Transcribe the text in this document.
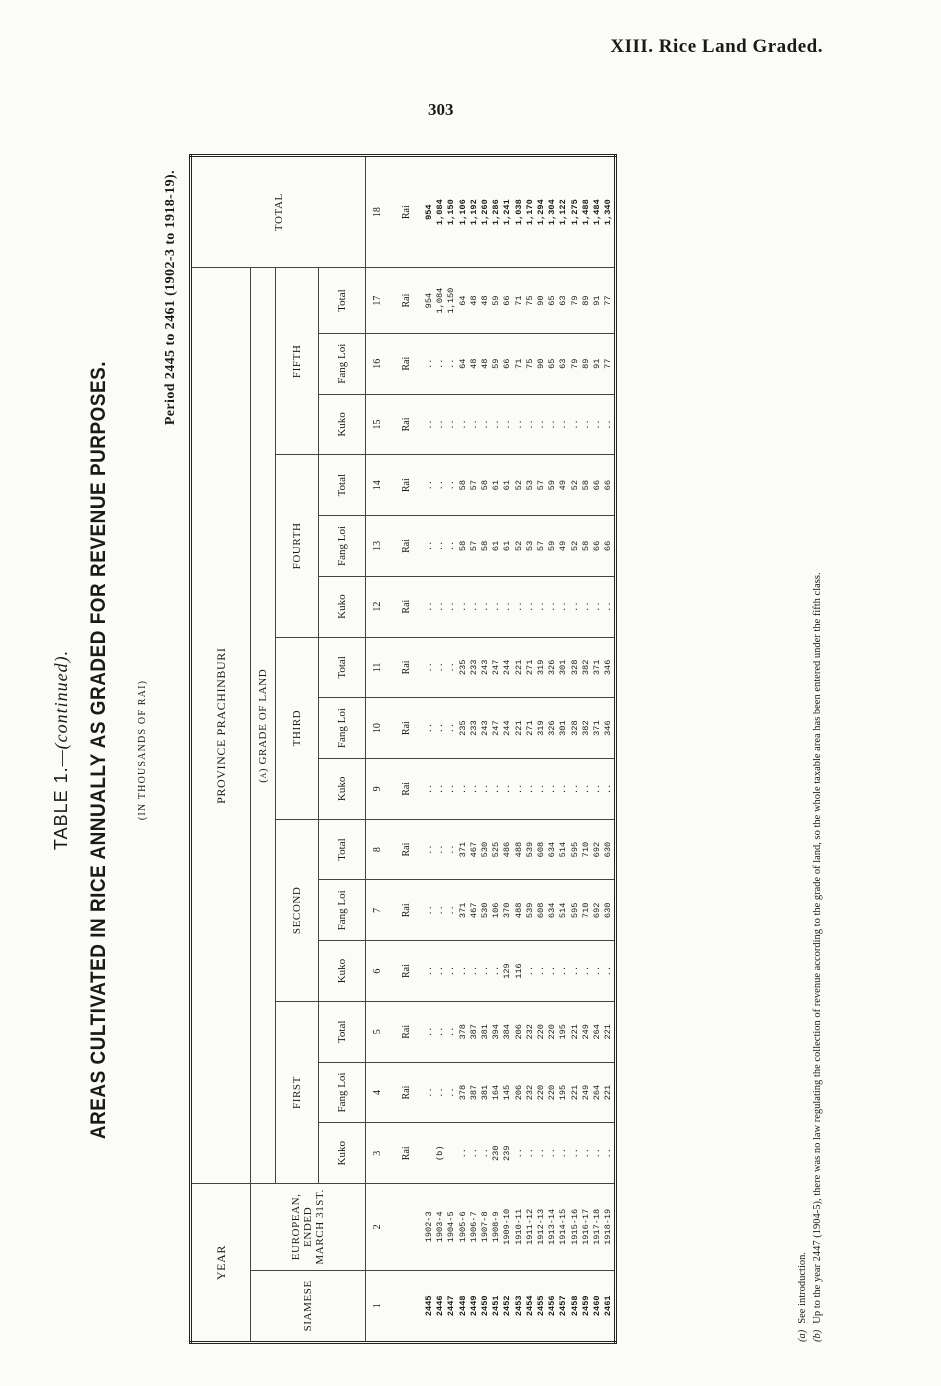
XIII. Rice Land Graded.
303
TABLE 1.—(continued). AREAS CULTIVATED IN RICE ANNUALLY AS GRADED FOR REVENUE PURPOSES.	(IN THOUSANDS OF RAI)
Period 2445 to 2461 (1902-3 to 1918-19).
YEAR		PROVINCE PRACHINBURI															TOTAL
SIAMESE	EUROPEAN, ENDED MARCH 31ST.	(a) GRADE OF LAND															
		FIRST			SECOND			THIRD			FOURTH			FIFTH			
		Kuko	Fang Loi	Total	Kuko	Fang Loi	Total	Kuko	Fang Loi	Total	Kuko	Fang Loi	Total	Kuko	Fang Loi	Total	
1	2	3	4	5	6	7	8	9	10	11	12	13	14	15	16	17	18

		Rai	Rai	Rai	Rai	Rai	Rai	Rai	Rai	Rai	Rai	Rai	Rai	Rai	Rai	Rai	Rai

2445	1902-3	(b)	..	..	..	..	..	..	..	..	..	..	..	..	..	954	954
2446	1903-4		..	..	..	..	..	..	..	..	..	..	..	..	..	1,084	1,084
2447	1904-5		..	..	..	..	..	..	..	..	..	..	..	..	..	1,150	1,150
2448	1905-6	..	378	378	..	371	371	..	235	235	..	58	58	..	64	64	1,106
2449	1906-7	..	387	387	..	467	467	..	233	233	..	57	57	..	48	48	1,192
2450	1907-8	..	381	381	..	530	530	..	243	243	..	58	58	..	48	48	1,260
2451	1908-9	230	164	394	..	106	525	..	247	247	..	61	61	..	59	59	1,286
2452	1909-10	239	145	384	129	370	486	..	244	244	..	61	61	..	66	66	1,241
2453	1910-11	..	206	206	116	488	488	..	221	221	..	52	52	..	71	71	1,038
2454	1911-12	..	232	232	..	539	539	..	271	271	..	53	53	..	75	75	1,170
2455	1912-13	..	220	220	..	608	608	..	319	319	..	57	57	..	90	90	1,294
2456	1913-14	..	220	220	..	634	634	..	326	326	..	59	59	..	65	65	1,304
2457	1914-15	..	195	195	..	514	514	..	301	301	..	49	49	..	63	63	1,122
2458	1915-16	..	221	221	..	595	595	..	328	328	..	52	52	..	79	79	1,275
2459	1916-17	..	249	249	..	710	710	..	382	382	..	58	58	..	89	89	1,488
2460	1917-18	..	264	264	..	692	692	..	371	371	..	66	66	..	91	91	1,484
2461	1918-19	..	221	221	..	630	630	..	346	346	..	66	66	..	77	77	1,340
(a)See introduction.
(b)Up to the year 2447 (1904-5), there was no law regulating the collection of revenue according to the grade of land, so the whole taxable area has been entered under the fifth class.
